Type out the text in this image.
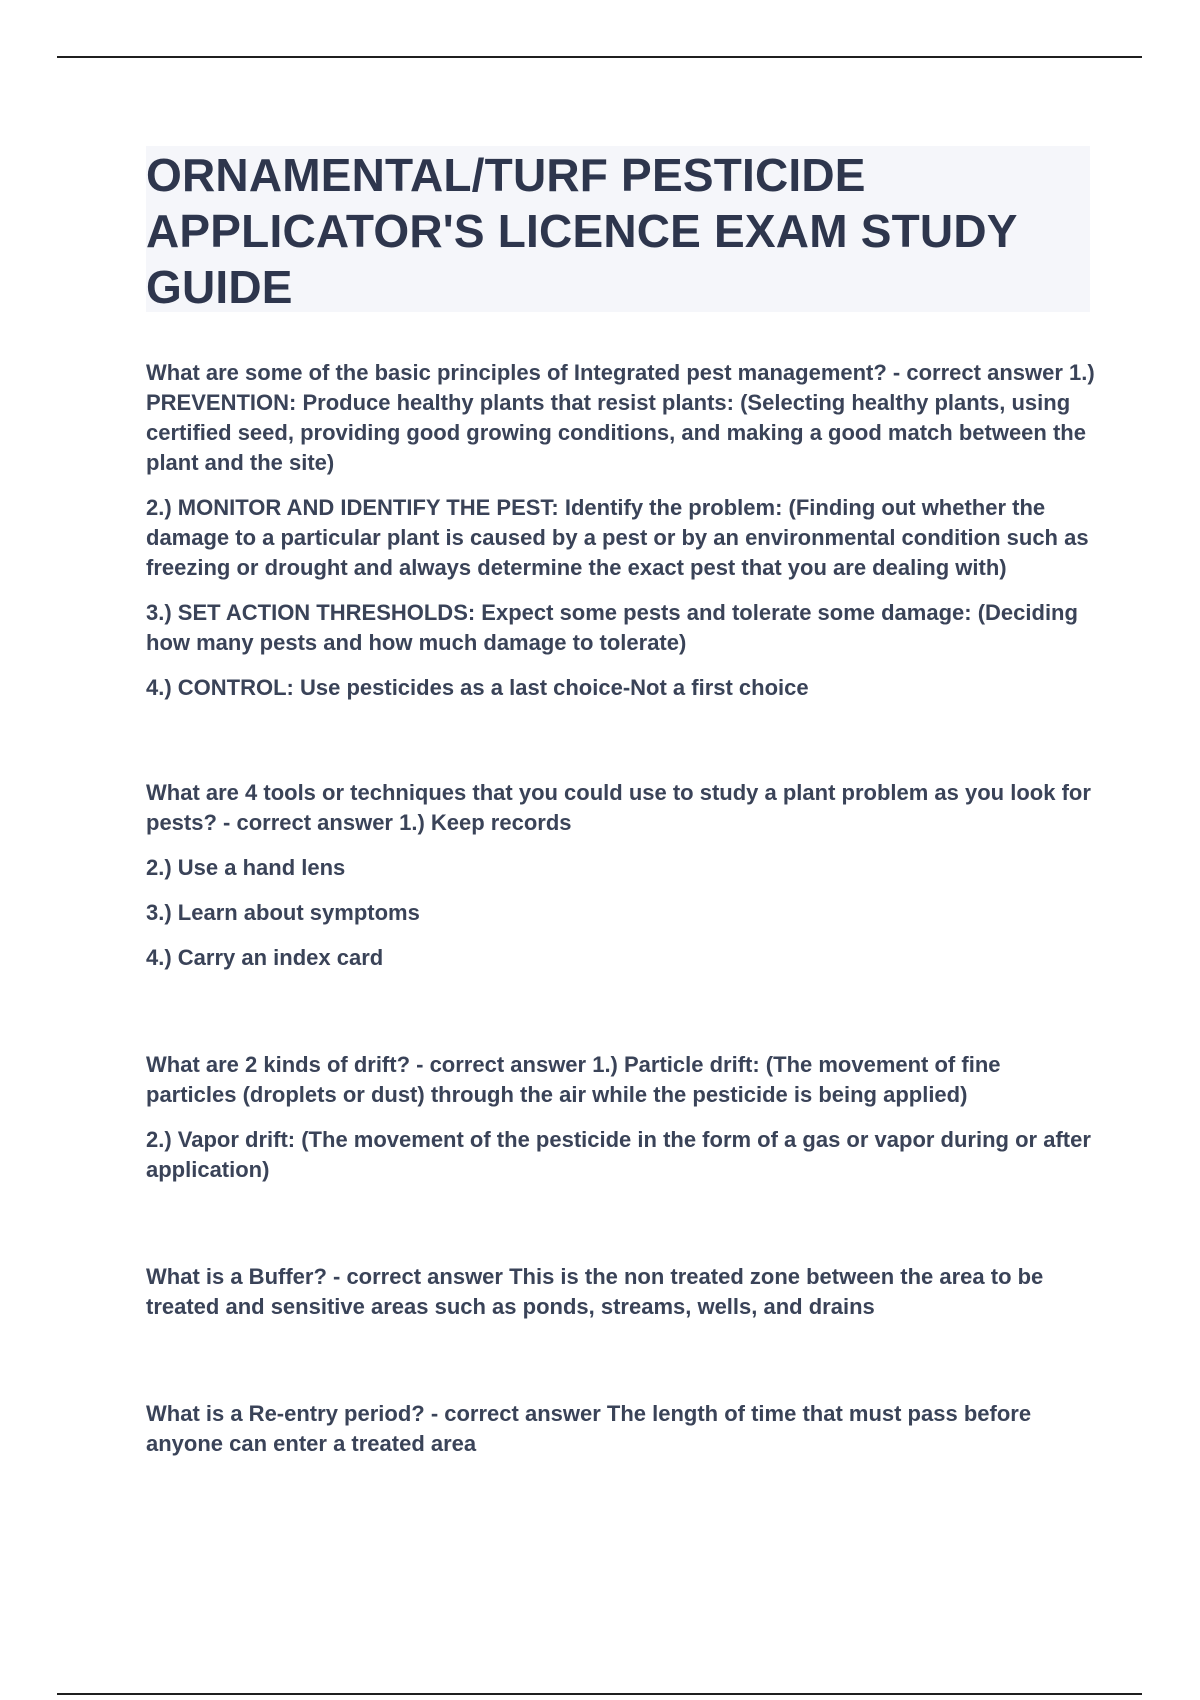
ORNAMENTAL/TURF PESTICIDE APPLICATOR'S LICENCE EXAM STUDY GUIDE

What are some of the basic principles of Integrated pest management? - correct answer 1.) PREVENTION: Produce healthy plants that resist plants: (Selecting healthy plants, using certified seed, providing good growing conditions, and making a good match between the plant and the site)

2.) MONITOR AND IDENTIFY THE PEST: Identify the problem: (Finding out whether the damage to a particular plant is caused by a pest or by an environmental condition such as freezing or drought and always determine the exact pest that you are dealing with)

3.) SET ACTION THRESHOLDS: Expect some pests and tolerate some damage: (Deciding how many pests and how much damage to tolerate)

4.) CONTROL: Use pesticides as a last choice-Not a first choice

What are 4 tools or techniques that you could use to study a plant problem as you look for pests? - correct answer 1.) Keep records

2.) Use a hand lens

3.) Learn about symptoms

4.) Carry an index card

What are 2 kinds of drift? - correct answer 1.) Particle drift: (The movement of fine particles (droplets or dust) through the air while the pesticide is being applied)

2.) Vapor drift: (The movement of the pesticide in the form of a gas or vapor during or after application)

What is a Buffer? - correct answer This is the non treated zone between the area to be treated and sensitive areas such as ponds, streams, wells, and drains

What is a Re-entry period? - correct answer The length of time that must pass before anyone can enter a treated area
